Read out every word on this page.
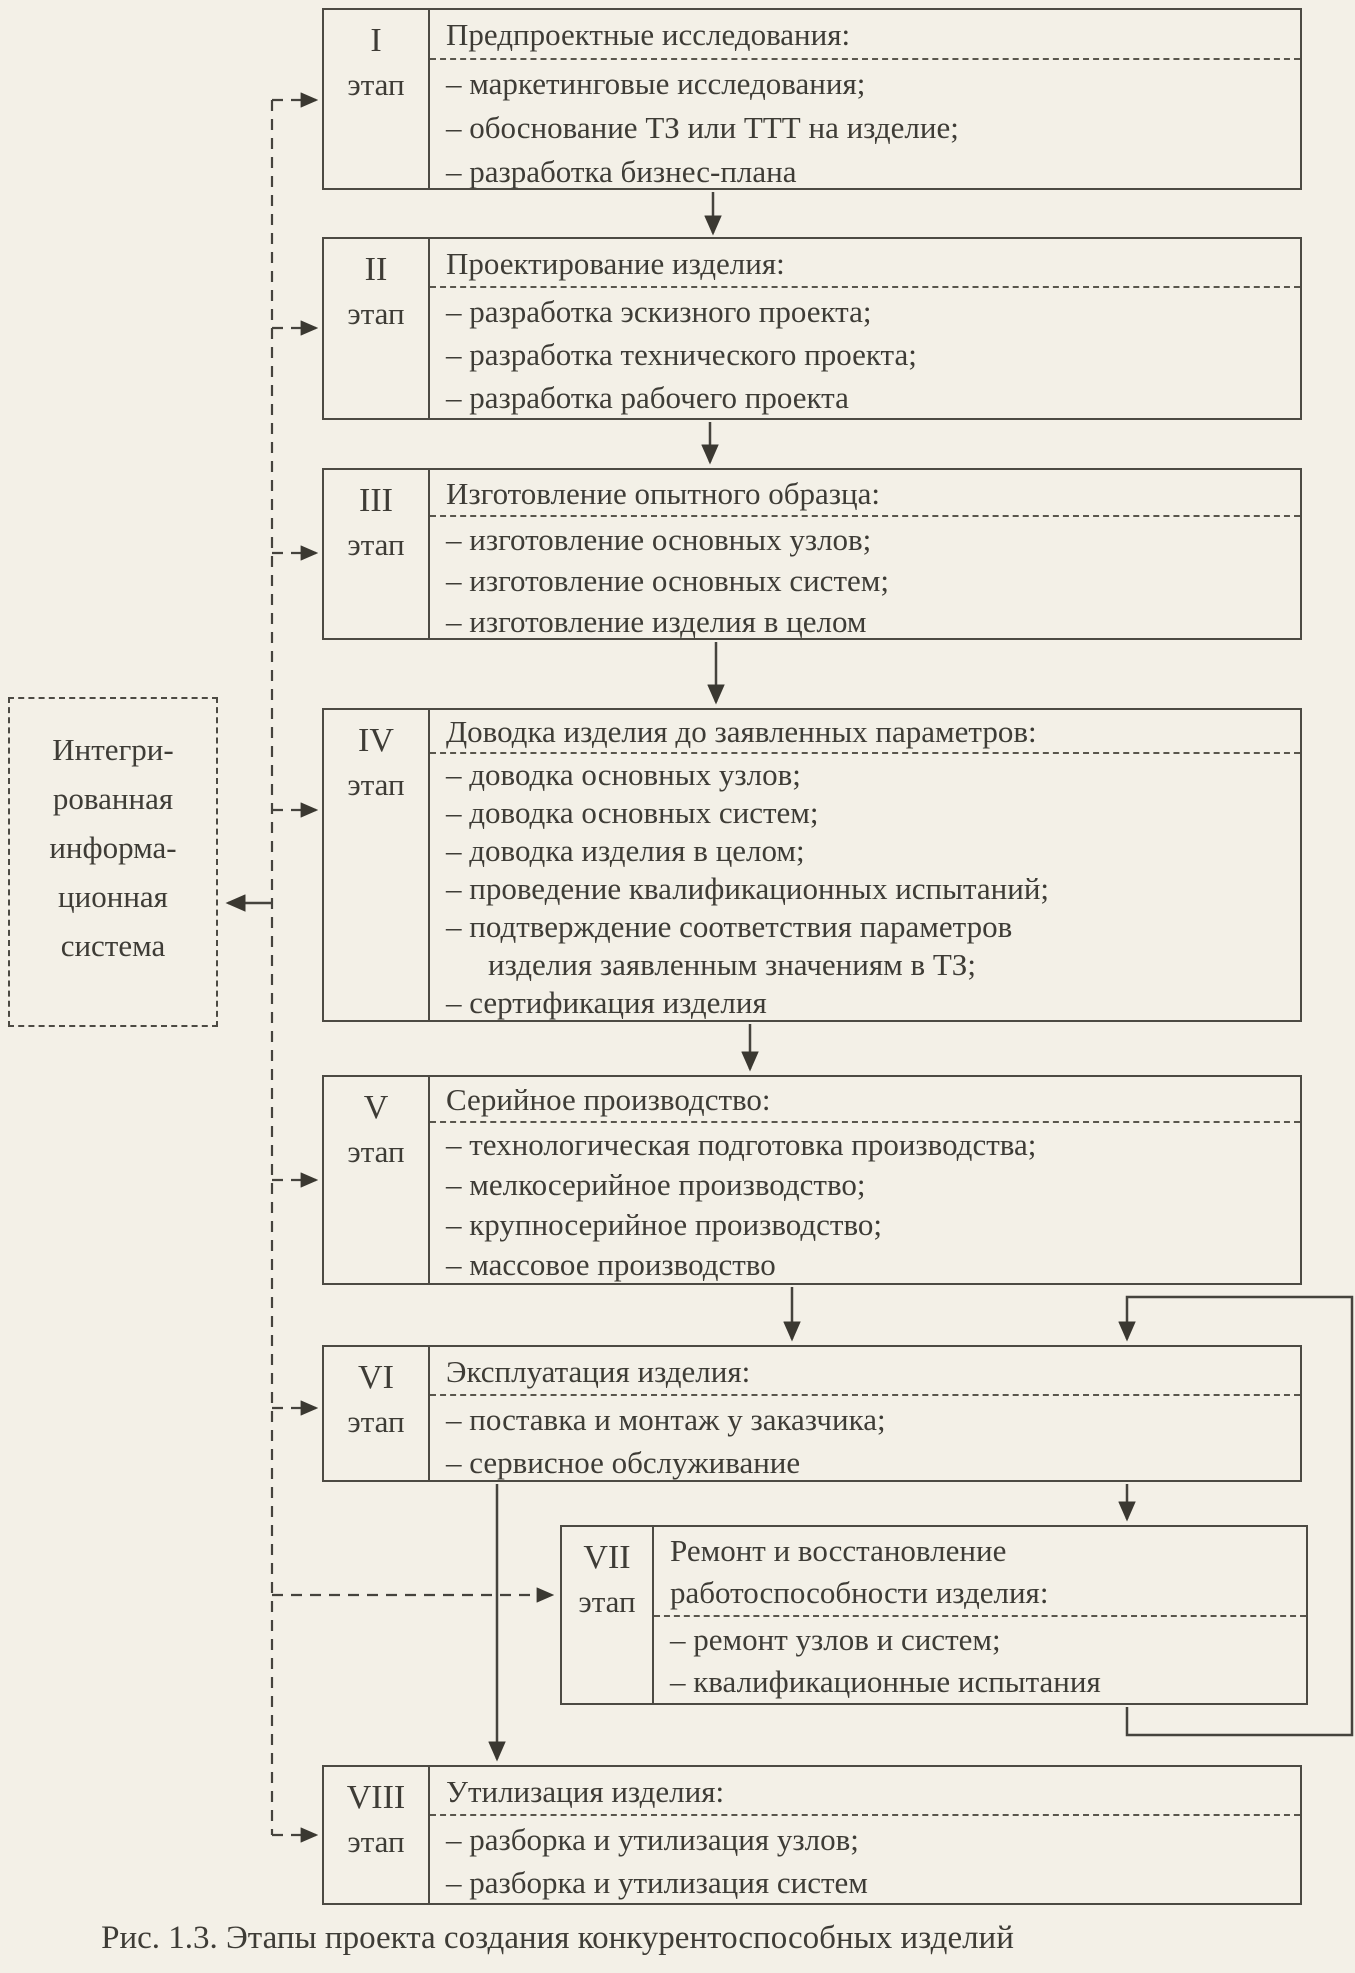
Интегри-
рованная
информа-
ционная
система
I
этап
Предпроектные исследования:
– маркетинговые исследования;
– обоснование ТЗ или ТТТ на изделие;
– разработка бизнес-плана
II
этап
Проектирование изделия:
– разработка эскизного проекта;
– разработка технического проекта;
– разработка рабочего проекта
III
этап
Изготовление опытного образца:
– изготовление основных узлов;
– изготовление основных систем;
– изготовление изделия в целом
IV
этап
Доводка изделия до заявленных параметров:
– доводка основных узлов;
– доводка основных систем;
– доводка изделия в целом;
– проведение квалификационных испытаний;
– подтверждение соответствия параметров
изделия заявленным значениям в ТЗ;
– сертификация изделия
V
этап
Серийное производство:
– технологическая подготовка производства;
– мелкосерийное производство;
– крупносерийное производство;
– массовое производство
VI
этап
Эксплуатация изделия:
– поставка и монтаж у заказчика;
– сервисное обслуживание
VII
этап
Ремонт и восстановление
работоспособности изделия:
– ремонт узлов и систем;
– квалификационные испытания
VIII
этап
Утилизация изделия:
– разборка и утилизация узлов;
– разборка и утилизация систем
Рис. 1.3. Этапы проекта создания конкурентоспособных изделий
